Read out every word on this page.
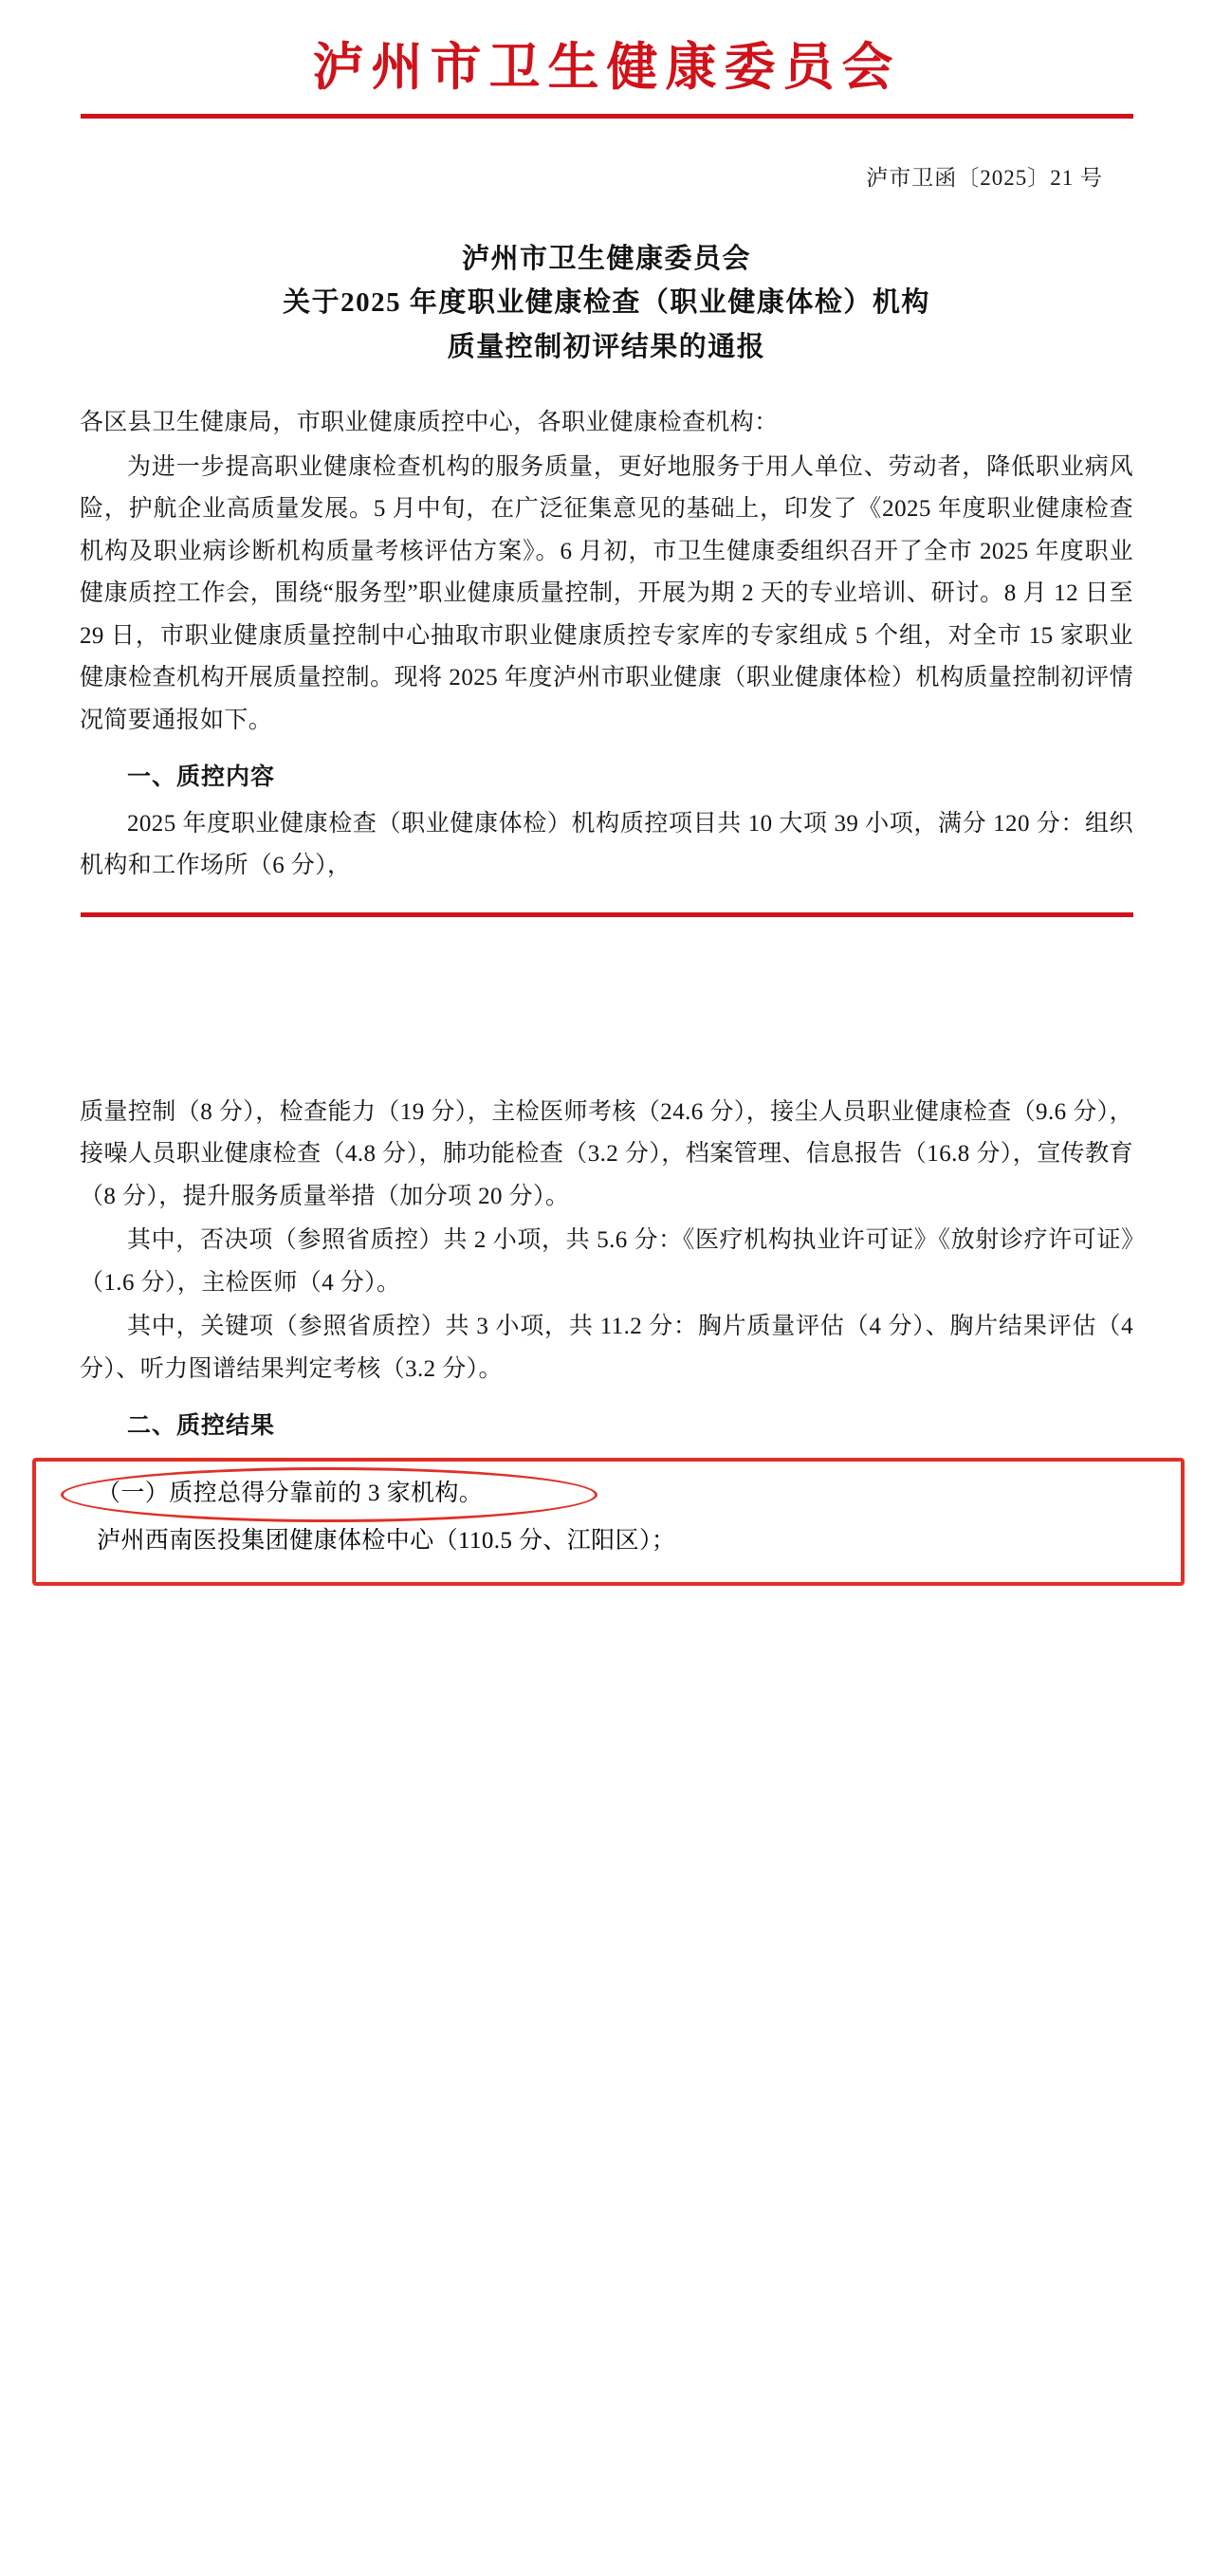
泸州市卫生健康委员会
泸市卫函〔2025〕21 号
泸州市卫生健康委员会
关于2025 年度职业健康检查（职业健康体检）机构
质量控制初评结果的通报

各区县卫生健康局，市职业健康质控中心，各职业健康检查机构：

为进一步提高职业健康检查机构的服务质量，更好地服务于用人单位、劳动者，降低职业病风险，护航企业高质量发展。5 月中旬，在广泛征集意见的基础上，印发了《2025 年度职业健康检查机构及职业病诊断机构质量考核评估方案》。6 月初，市卫生健康委组织召开了全市 2025 年度职业健康质控工作会，围绕“服务型”职业健康质量控制，开展为期 2 天的专业培训、研讨。8 月 12 日至 29 日，市职业健康质量控制中心抽取市职业健康质控专家库的专家组成 5 个组，对全市 15 家职业健康检查机构开展质量控制。现将 2025 年度泸州市职业健康（职业健康体检）机构质量控制初评情况简要通报如下。

一、质控内容

2025 年度职业健康检查（职业健康体检）机构质控项目共 10 大项 39 小项，满分 120 分：组织机构和工作场所（6 分），

质量控制（8 分），检查能力（19 分），主检医师考核（24.6 分），接尘人员职业健康检查（9.6 分），接噪人员职业健康检查（4.8 分），肺功能检查（3.2 分），档案管理、信息报告（16.8 分），宣传教育（8 分），提升服务质量举措（加分项 20 分）。

其中，否决项（参照省质控）共 2 小项，共 5.6 分：《医疗机构执业许可证》《放射诊疗许可证》（1.6 分），主检医师（4 分）。

其中，关键项（参照省质控）共 3 小项，共 11.2 分：胸片质量评估（4 分）、胸片结果评估（4 分）、听力图谱结果判定考核（3.2 分）。

二、质控结果

（一）质控总得分靠前的 3 家机构。

泸州西南医投集团健康体检中心（110.5 分、江阳区）；
